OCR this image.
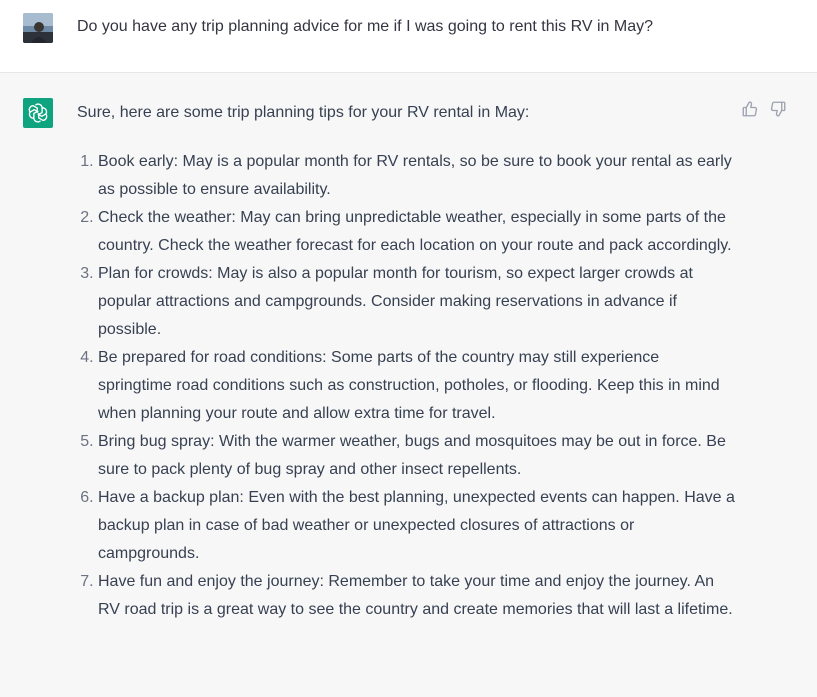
Do you have any trip planning advice for me if I was going to rent this RV in May?
Sure, here are some trip planning tips for your RV rental in May:
1. Book early: May is a popular month for RV rentals, so be sure to book your rental as early as possible to ensure availability.
2. Check the weather: May can bring unpredictable weather, especially in some parts of the country. Check the weather forecast for each location on your route and pack accordingly.
3. Plan for crowds: May is also a popular month for tourism, so expect larger crowds at popular attractions and campgrounds. Consider making reservations in advance if possible.
4. Be prepared for road conditions: Some parts of the country may still experience springtime road conditions such as construction, potholes, or flooding. Keep this in mind when planning your route and allow extra time for travel.
5. Bring bug spray: With the warmer weather, bugs and mosquitoes may be out in force. Be sure to pack plenty of bug spray and other insect repellents.
6. Have a backup plan: Even with the best planning, unexpected events can happen. Have a backup plan in case of bad weather or unexpected closures of attractions or campgrounds.
7. Have fun and enjoy the journey: Remember to take your time and enjoy the journey. An RV road trip is a great way to see the country and create memories that will last a lifetime.
